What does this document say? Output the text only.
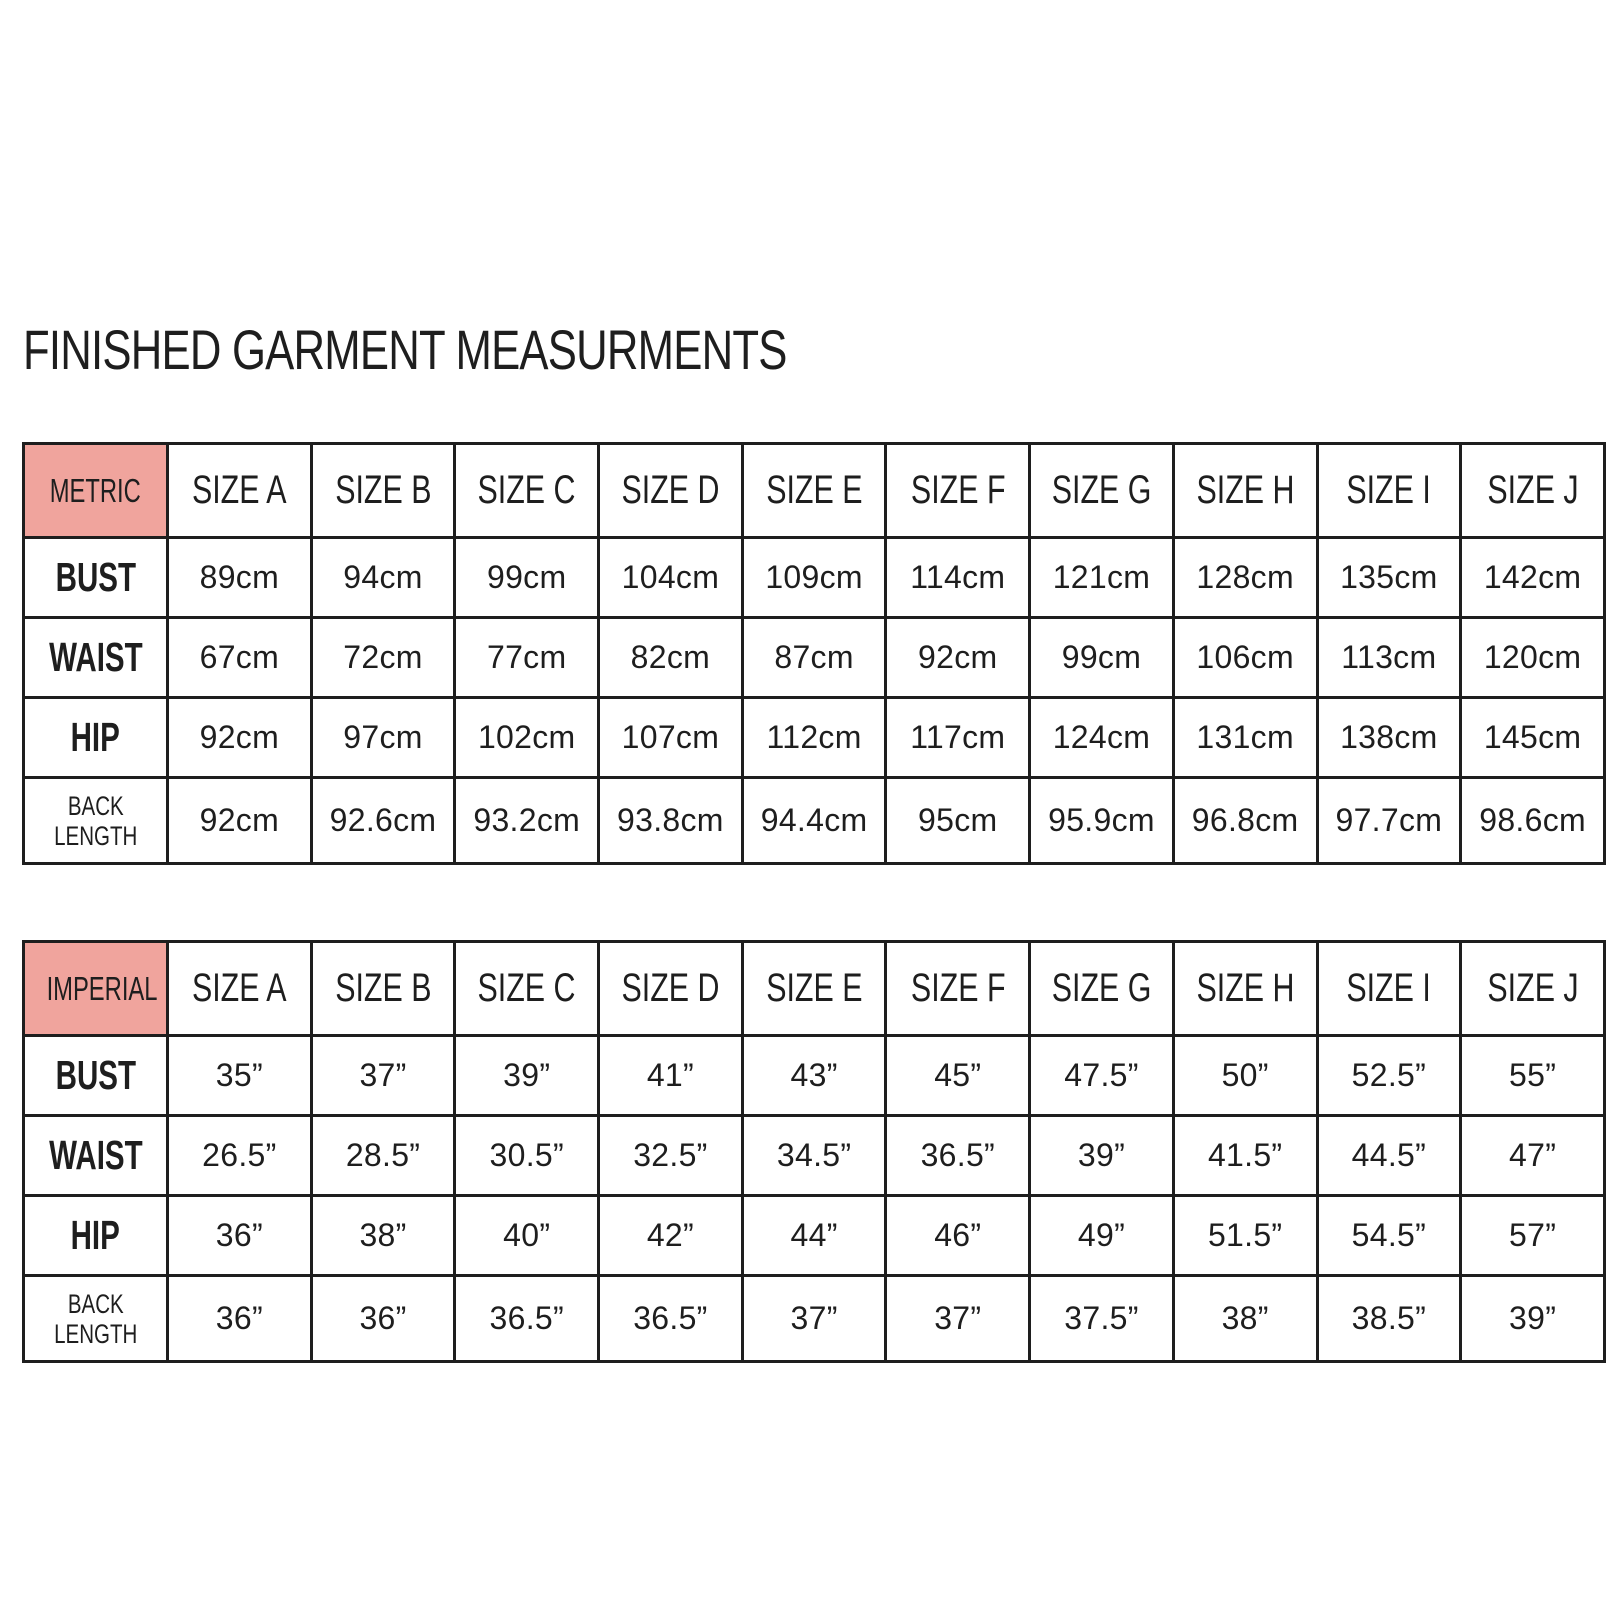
FINISHED GARMENT MEASURMENTS
METRIC	SIZE A	SIZE B	SIZE C	SIZE D	SIZE E	SIZE F	SIZE G	SIZE H	SIZE I	SIZE J
BUST	89cm	94cm	99cm	104cm	109cm	114cm	121cm	128cm	135cm	142cm
WAIST	67cm	72cm	77cm	82cm	87cm	92cm	99cm	106cm	113cm	120cm
HIP	92cm	97cm	102cm	107cm	112cm	117cm	124cm	131cm	138cm	145cm
BACK
LENGTH	92cm	92.6cm	93.2cm	93.8cm	94.4cm	95cm	95.9cm	96.8cm	97.7cm	98.6cm
IMPERIAL	SIZE A	SIZE B	SIZE C	SIZE D	SIZE E	SIZE F	SIZE G	SIZE H	SIZE I	SIZE J
BUST	35”	37”	39”	41”	43”	45”	47.5”	50”	52.5”	55”
WAIST	26.5”	28.5”	30.5”	32.5”	34.5”	36.5”	39”	41.5”	44.5”	47”
HIP	36”	38”	40”	42”	44”	46”	49”	51.5”	54.5”	57”
BACK
LENGTH	36”	36”	36.5”	36.5”	37”	37”	37.5”	38”	38.5”	39”
